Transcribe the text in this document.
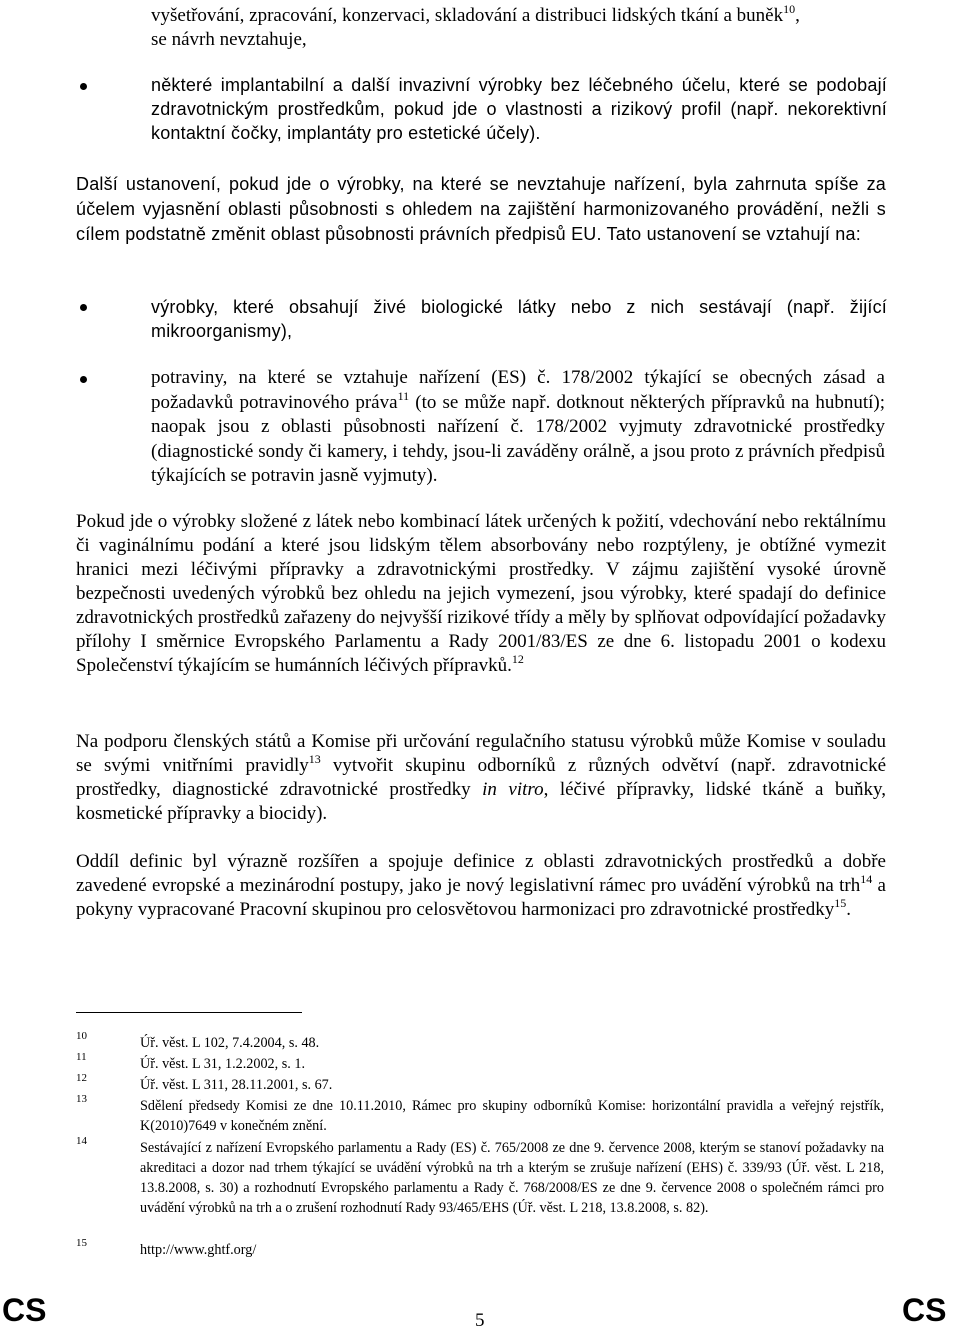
vyšetřování, zpracování, konzervaci, skladování a distribuci lidských tkání a buněk$^{10}$,
se návrh nevztahuje,

některé implantabilní a další invazivní výrobky bez léčebného účelu, které se podobají zdravotnickým prostředkům, pokud jde o vlastnosti a rizikový profil (např. nekorektivní kontaktní čočky, implantáty pro estetické účely).

Další ustanovení, pokud jde o výrobky, na které se nevztahuje nařízení, byla zahrnuta spíše za účelem vyjasnění oblasti působnosti s ohledem na zajištění harmonizovaného provádění, nežli s cílem podstatně změnit oblast působnosti právních předpisů EU. Tato ustanovení se vztahují na:

výrobky, které obsahují živé biologické látky nebo z nich sestávají (např. žijící mikroorganismy),

potraviny, na které se vztahuje nařízení (ES) č. 178/2002 týkající se obecných zásad a požadavků potravinového práva$^{11}$ (to se může např. dotknout některých přípravků na hubnutí); naopak jsou z oblasti působnosti nařízení č. 178/2002 vyjmuty zdravotnické prostředky (diagnostické sondy či kamery, i tehdy, jsou-li zaváděny orálně, a jsou proto z právních předpisů týkajících se potravin jasně vyjmuty).

Pokud jde o výrobky složené z látek nebo kombinací látek určených k požití, vdechování nebo rektálnímu či vaginálnímu podání a které jsou lidským tělem absorbovány nebo rozptýleny, je obtížné vymezit hranici mezi léčivými přípravky a zdravotnickými prostředky. V zájmu zajištění vysoké úrovně bezpečnosti uvedených výrobků bez ohledu na jejich vymezení, jsou výrobky, které spadají do definice zdravotnických prostředků zařazeny do nejvyšší rizikové třídy a měly by splňovat odpovídající požadavky přílohy I směrnice Evropského Parlamentu a Rady 2001/83/ES ze dne 6. listopadu 2001 o kodexu Společenství týkajícím se humánních léčivých přípravků.$^{12}$

Na podporu členských států a Komise při určování regulačního statusu výrobků může Komise v souladu se svými vnitřními pravidly$^{13}$ vytvořit skupinu odborníků z různých odvětví (např. zdravotnické prostředky, diagnostické zdravotnické prostředky in vitro, léčivé přípravky, lidské tkáně a buňky, kosmetické přípravky a biocidy).

Oddíl definic byl výrazně rozšířen a spojuje definice z oblasti zdravotnických prostředků a dobře zavedené evropské a mezinárodní postupy, jako je nový legislativní rámec pro uvádění výrobků na trh$^{14}$ a pokyny vypracované Pracovní skupinou pro celosvětovou harmonizaci pro zdravotnické prostředky$^{15}$.

10	Úř. věst. L 102, 7.4.2004, s. 48.

11	Úř. věst. L 31, 1.2.2002, s. 1.

12	Úř. věst. L 311, 28.11.2001, s. 67.

13	Sdělení předsedy Komisi ze dne 10.11.2010, Rámec pro skupiny odborníků Komise: horizontální pravidla a veřejný rejstřík, K(2010)7649 v konečném znění.

14	Sestávající z nařízení Evropského parlamentu a Rady (ES) č. 765/2008 ze dne 9. července 2008, kterým se stanoví požadavky na akreditaci a dozor nad trhem týkající se uvádění výrobků na trh a kterým se zrušuje nařízení (EHS) č. 339/93 (Úř. věst. L 218, 13.8.2008, s. 30) a rozhodnutí Evropského parlamentu a Rady č. 768/2008/ES ze dne 9. července 2008 o společném rámci pro uvádění výrobků na trh a o zrušení rozhodnutí Rady 93/465/EHS (Úř. věst. L 218, 13.8.2008, s. 82).

15	http://www.ghtf.org/

CS	5	CS
